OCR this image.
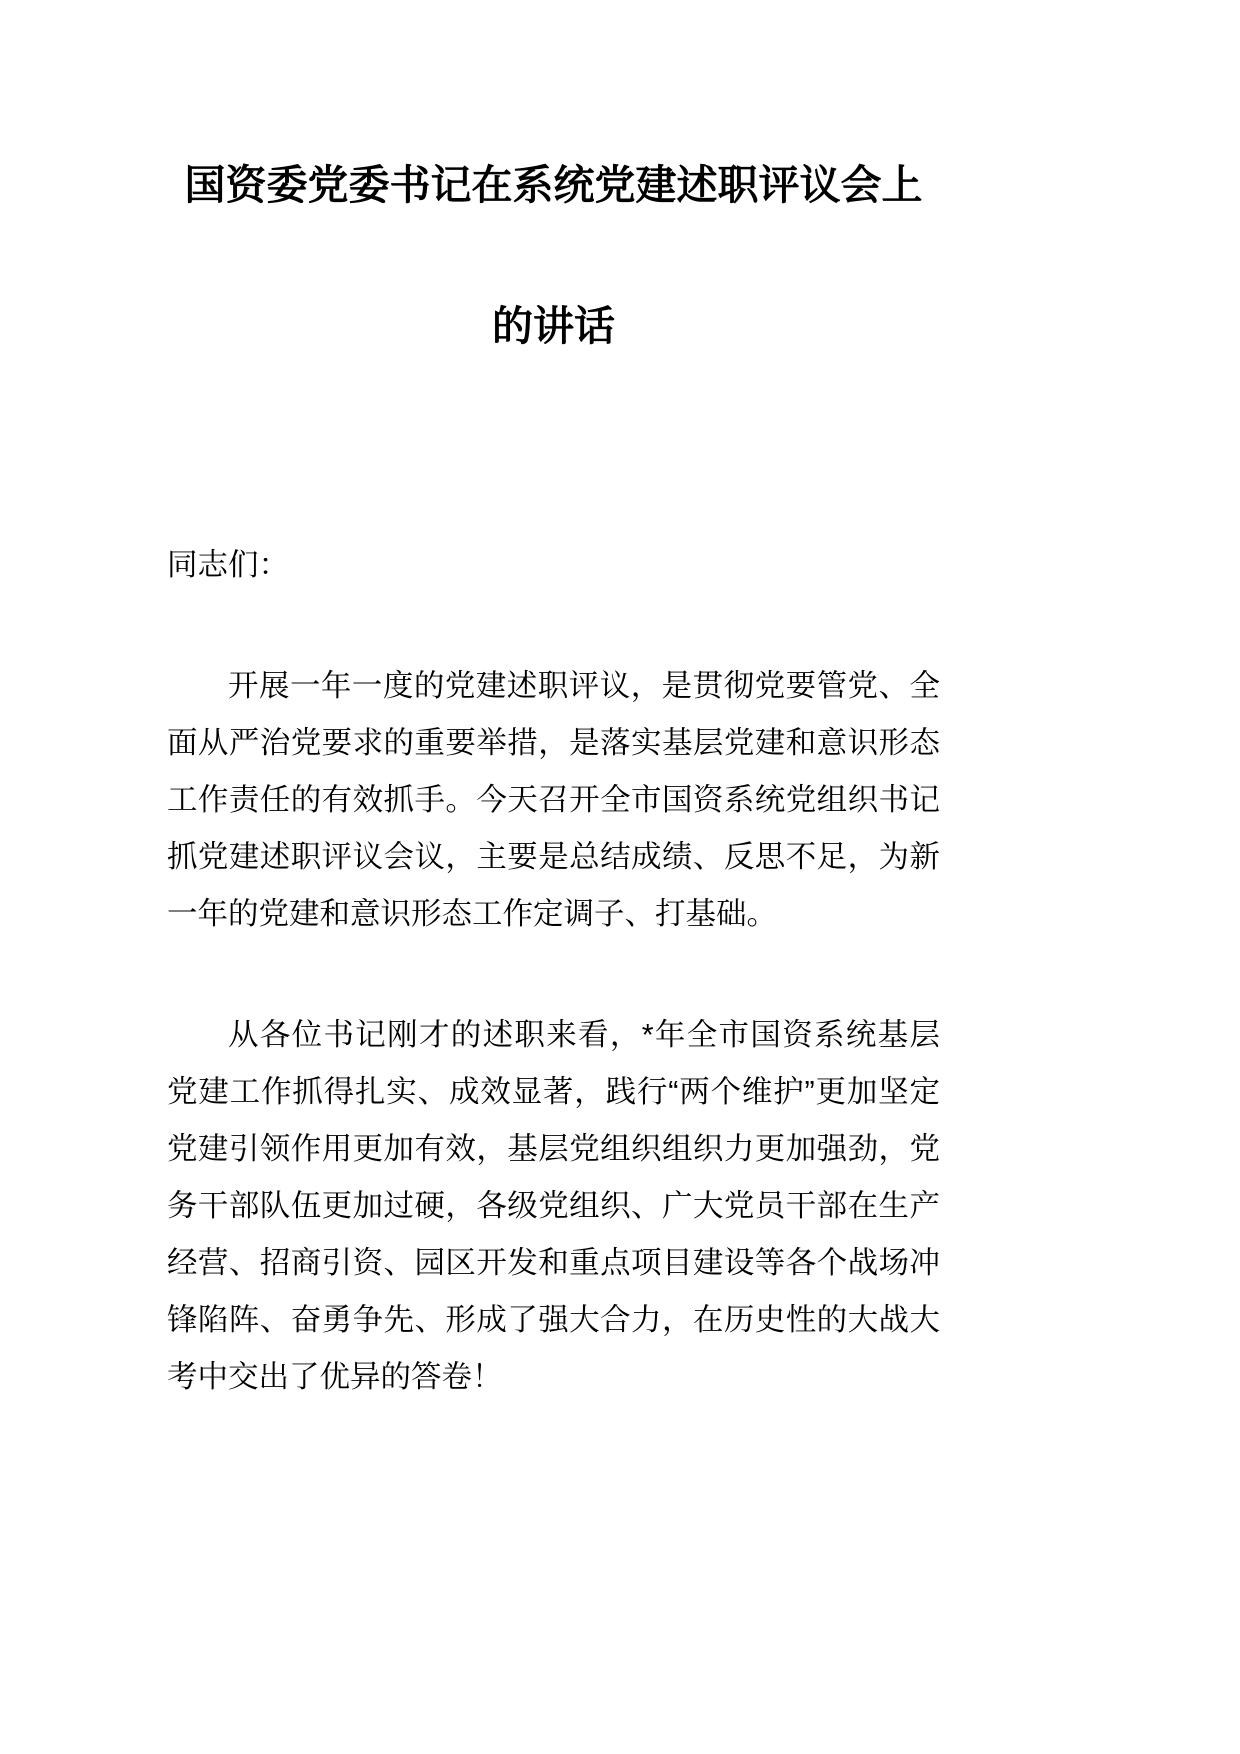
国资委党委书记在系统党建述职评议会上
的讲话
同志们：

开展一年一度的党建述职评议，是贯彻党要管党、全面从严治党要求的重要举措，是落实基层党建和意识形态工作责任的有效抓手。今天召开全市国资系统党组织书记抓党建述职评议会议，主要是总结成绩、反思不足，为新一年的党建和意识形态工作定调子、打基础。

从各位书记刚才的述职来看，*年全市国资系统基层党建工作抓得扎实、成效显著，践行“两个维护”更加坚定党建引领作用更加有效，基层党组织组织力更加强劲，党务干部队伍更加过硬，各级党组织、广大党员干部在生产经营、招商引资、园区开发和重点项目建设等各个战场冲锋陷阵、奋勇争先、形成了强大合力，在历史性的大战大考中交出了优异的答卷！
